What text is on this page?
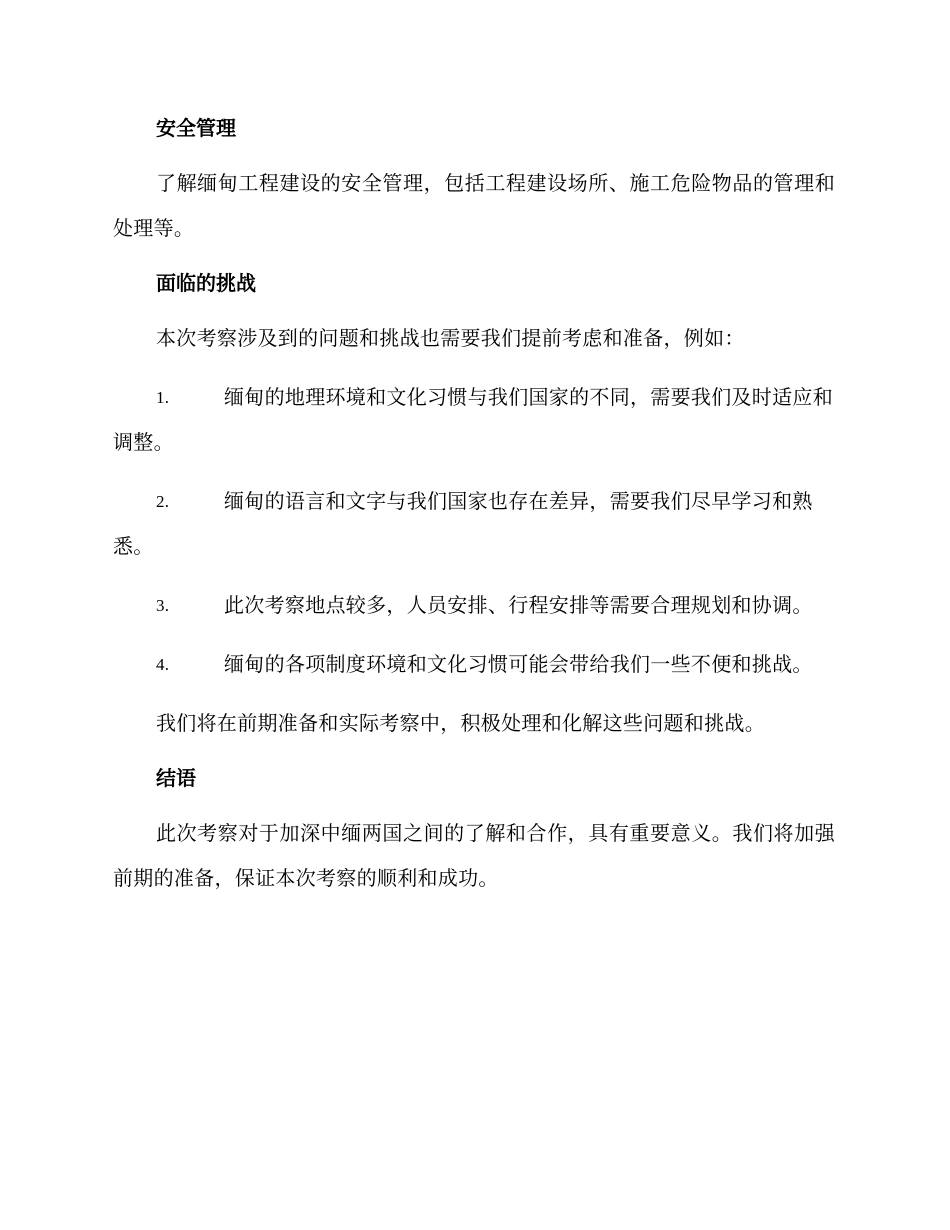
安全管理

了解缅甸工程建设的安全管理，包括工程建设场所、施工危险物品的管理和处理等。

面临的挑战

本次考察涉及到的问题和挑战也需要我们提前考虑和准备，例如：

1.	缅甸的地理环境和文化习惯与我们国家的不同，需要我们及时适应和调整。
2.	缅甸的语言和文字与我们国家也存在差异，需要我们尽早学习和熟悉。
3.	此次考察地点较多，人员安排、行程安排等需要合理规划和协调。
4.	缅甸的各项制度环境和文化习惯可能会带给我们一些不便和挑战。

我们将在前期准备和实际考察中，积极处理和化解这些问题和挑战。

结语

此次考察对于加深中缅两国之间的了解和合作，具有重要意义。我们将加强前期的准备，保证本次考察的顺利和成功。
